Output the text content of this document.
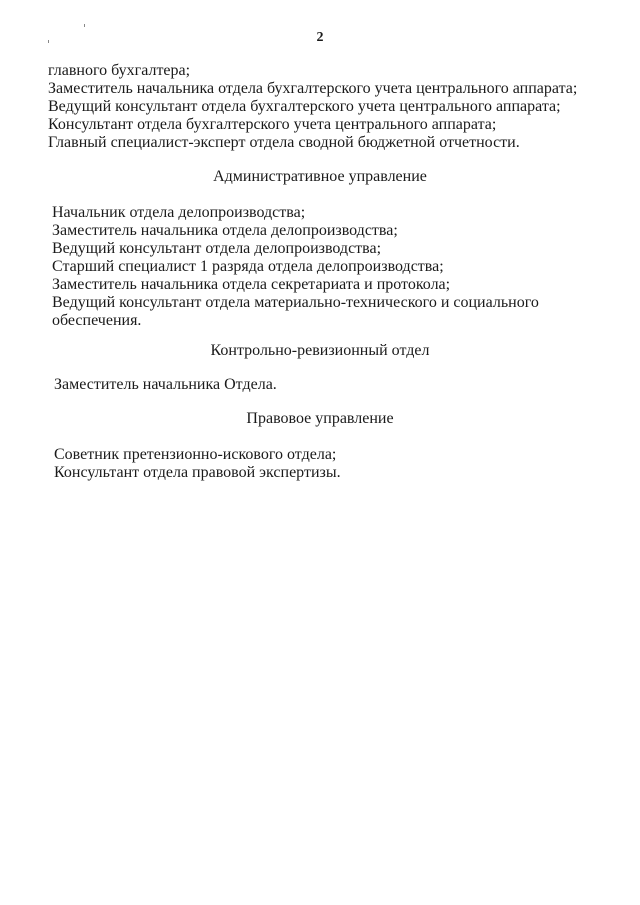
2
главного бухгалтера;
Заместитель начальника отдела бухгалтерского учета центрального аппарата;
Ведущий консультант отдела бухгалтерского учета центрального аппарата;
Консультант отдела бухгалтерского учета центрального аппарата;
Главный специалист-эксперт отдела сводной бюджетной отчетности.
Административное управление
Начальник отдела делопроизводства;
Заместитель начальника отдела делопроизводства;
Ведущий консультант отдела делопроизводства;
Старший специалист 1 разряда отдела делопроизводства;
Заместитель начальника отдела секретариата и протокола;
Ведущий консультант отдела материально-технического и социального
обеспечения.
Контрольно-ревизионный отдел
Заместитель начальника Отдела.
Правовое управление
Советник претензионно-искового отдела;
Консультант отдела правовой экспертизы.
